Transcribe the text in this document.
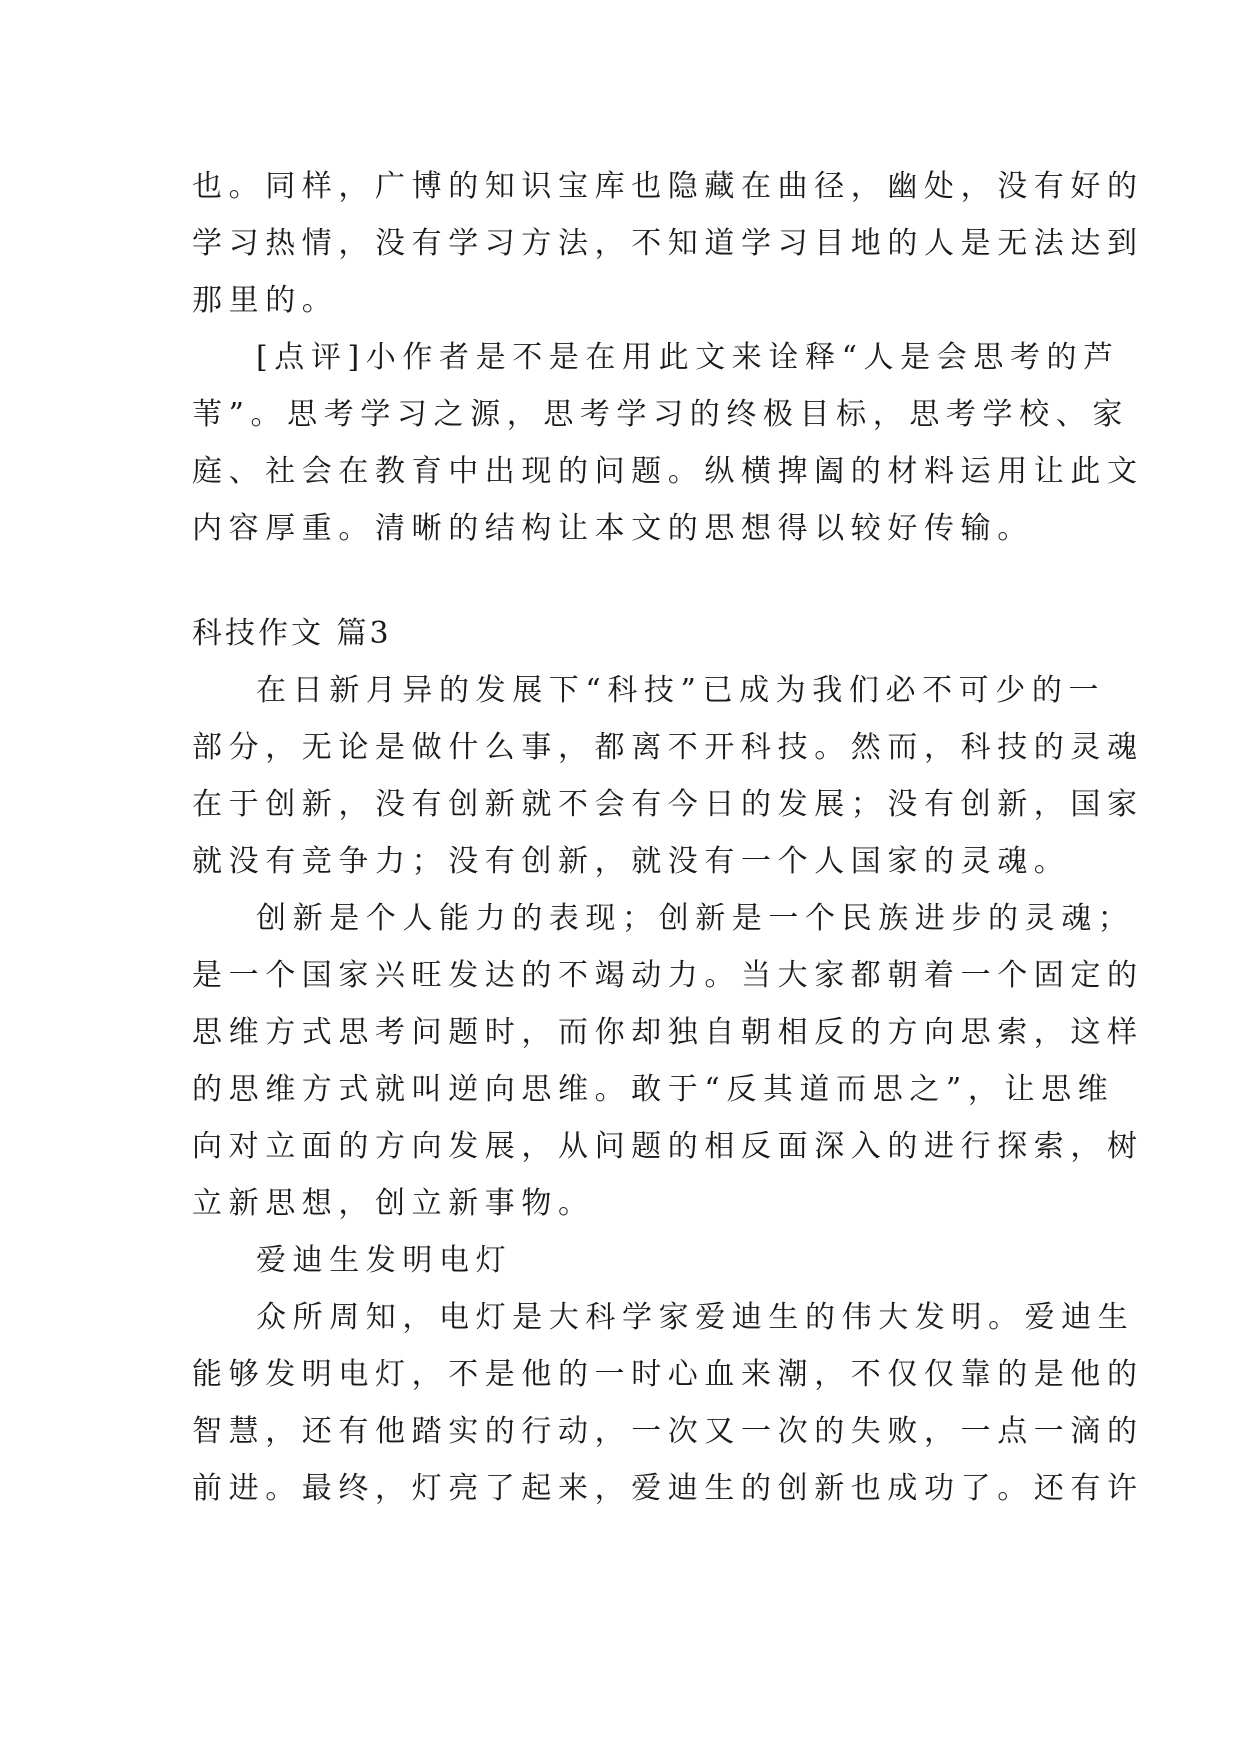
也。同样，广博的知识宝库也隐藏在曲径，幽处，没有好的
学习热情，没有学习方法，不知道学习目地的人是无法达到
那里的。
[点评]小作者是不是在用此文来诠释“人是会思考的芦
苇”。思考学习之源，思考学习的终极目标，思考学校、家
庭、社会在教育中出现的问题。纵横捭阖的材料运用让此文
内容厚重。清晰的结构让本文的思想得以较好传输。
科技作文 篇3
在日新月异的发展下“科技”已成为我们必不可少的一
部分，无论是做什么事，都离不开科技。然而，科技的灵魂
在于创新，没有创新就不会有今日的发展；没有创新，国家
就没有竞争力；没有创新，就没有一个人国家的灵魂。
创新是个人能力的表现；创新是一个民族进步的灵魂；
是一个国家兴旺发达的不竭动力。当大家都朝着一个固定的
思维方式思考问题时，而你却独自朝相反的方向思索，这样
的思维方式就叫逆向思维。敢于“反其道而思之”，让思维
向对立面的方向发展，从问题的相反面深入的进行探索，树
立新思想，创立新事物。
爱迪生发明电灯
众所周知，电灯是大科学家爱迪生的伟大发明。爱迪生
能够发明电灯，不是他的一时心血来潮，不仅仅靠的是他的
智慧，还有他踏实的行动，一次又一次的失败，一点一滴的
前进。最终，灯亮了起来，爱迪生的创新也成功了。还有许
